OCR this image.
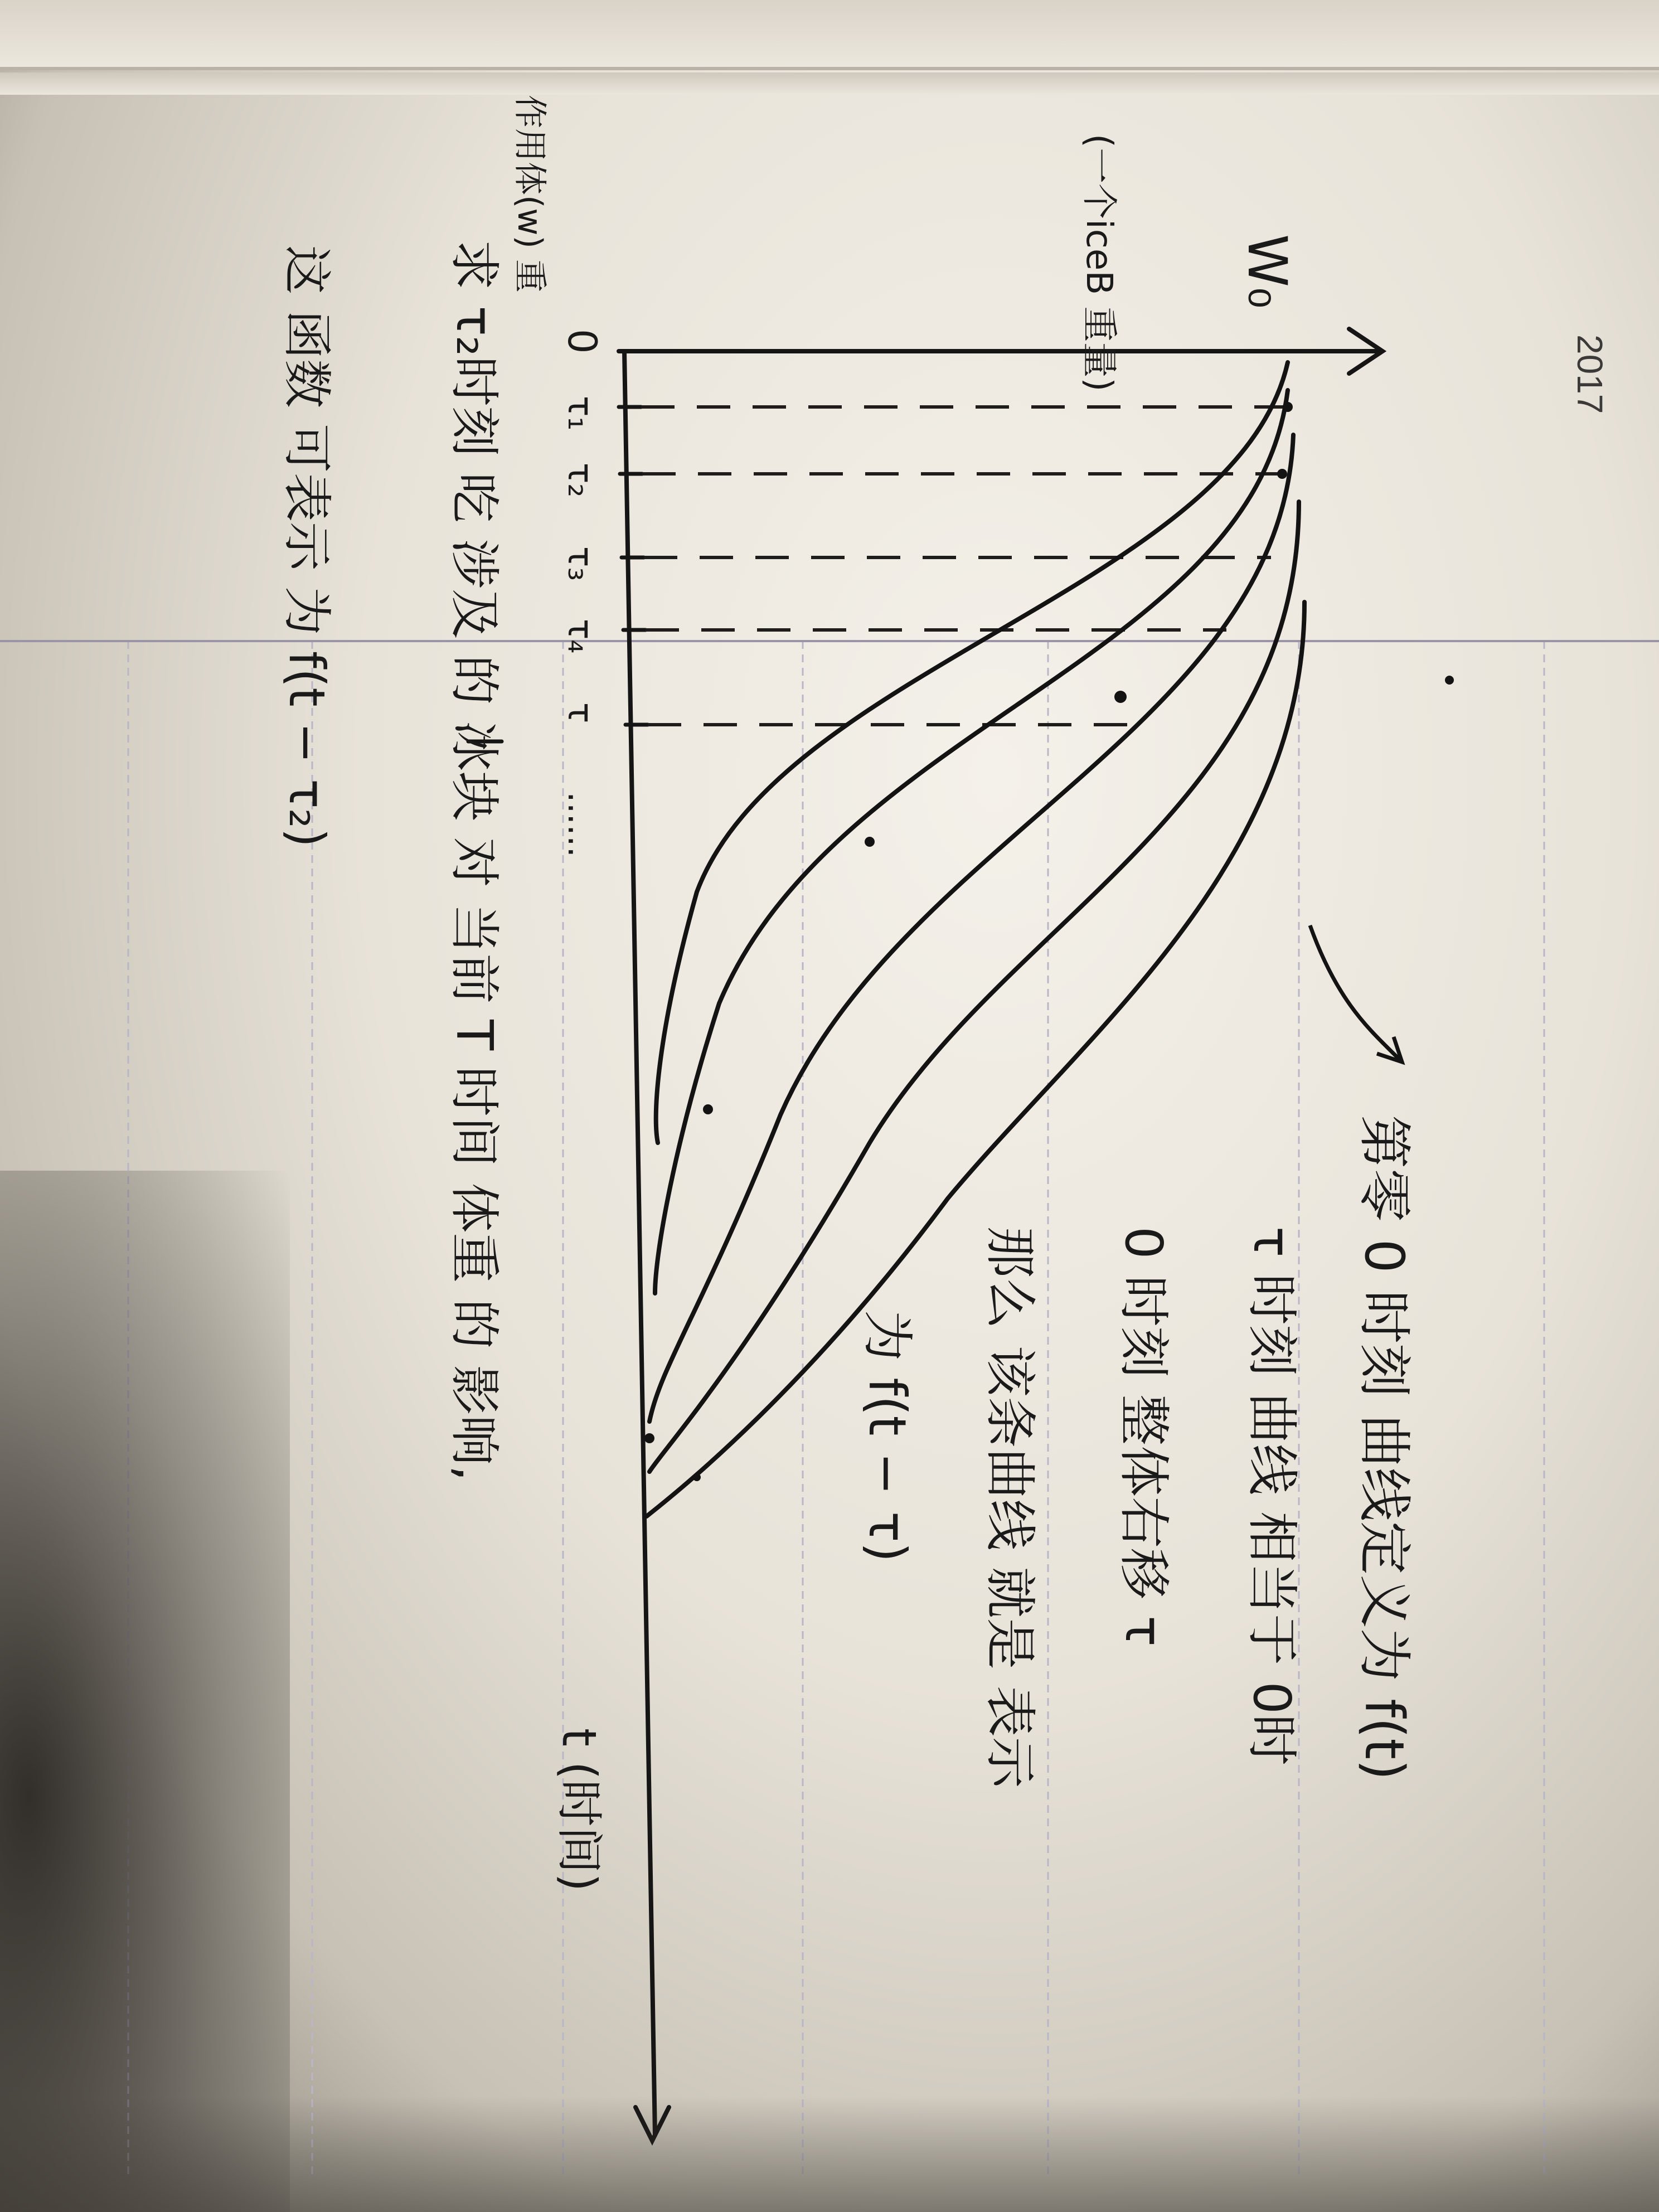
2017
W₀
(一个iceB 重量)
0
τ₁
τ₂
τ₃
τ₄
τ
......
作用体(w) 重
t (时间)
第零 0 时刻 曲线定义为 f(t)
τ 时刻 曲线 相当于 0时
0 时刻 整体右移 τ
那么 该条曲线 就是 表示
为 f(t − τ)
求 τ₂时刻 吃 涉及 的 冰块 对 当前 T 时间 体重 的 影响,
这 函数 可表示 为 f(t − τ₂)
